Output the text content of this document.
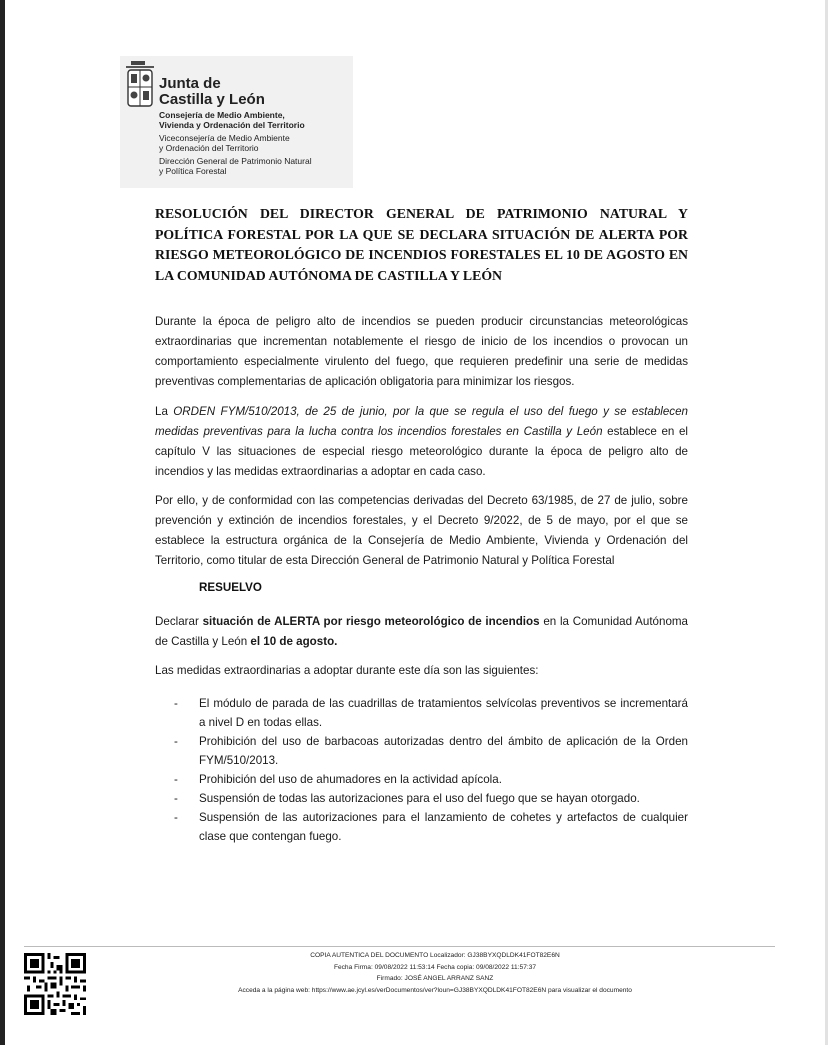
Junta de
Castilla y León
Consejería de Medio Ambiente,
Vivienda y Ordenación del Territorio
Viceconsejería de Medio Ambiente
y Ordenación del Territorio
Dirección General de Patrimonio Natural
y Política Forestal
RESOLUCIÓN DEL DIRECTOR GENERAL DE PATRIMONIO NATURAL Y POLÍTICA FORESTAL POR LA QUE SE DECLARA SITUACIÓN DE ALERTA POR RIESGO METEOROLÓGICO DE INCENDIOS FORESTALES EL 10 DE AGOSTO EN LA COMUNIDAD AUTÓNOMA DE CASTILLA Y LEÓN
Durante la época de peligro alto de incendios se pueden producir circunstancias meteorológicas extraordinarias que incrementan notablemente el riesgo de inicio de los incendios o provocan un comportamiento especialmente virulento del fuego, que requieren predefinir una serie de medidas preventivas complementarias de aplicación obligatoria para minimizar los riesgos.
La ORDEN FYM/510/2013, de 25 de junio, por la que se regula el uso del fuego y se establecen medidas preventivas para la lucha contra los incendios forestales en Castilla y León establece en el capítulo V las situaciones de especial riesgo meteorológico durante la época de peligro alto de incendios y las medidas extraordinarias a adoptar en cada caso.
Por ello, y de conformidad con las competencias derivadas del Decreto 63/1985, de 27 de julio, sobre prevención y extinción de incendios forestales, y el Decreto 9/2022, de 5 de mayo, por el que se establece la estructura orgánica de la Consejería de Medio Ambiente, Vivienda y Ordenación del Territorio, como titular de esta Dirección General de Patrimonio Natural y Política Forestal
RESUELVO
Declarar situación de ALERTA por riesgo meteorológico de incendios en la Comunidad Autónoma de Castilla y León el 10 de agosto.
Las medidas extraordinarias a adoptar durante este día son las siguientes:
- El módulo de parada de las cuadrillas de tratamientos selvícolas preventivos se incrementará a nivel D en todas ellas.
- Prohibición del uso de barbacoas autorizadas dentro del ámbito de aplicación de la Orden FYM/510/2013.
- Prohibición del uso de ahumadores en la actividad apícola.
- Suspensión de todas las autorizaciones para el uso del fuego que se hayan otorgado.
- Suspensión de las autorizaciones para el lanzamiento de cohetes y artefactos de cualquier clase que contengan fuego.
COPIA AUTENTICA DEL DOCUMENTO Localizador: GJ38BYXQDLDK41FOT82E6N
Fecha Firma: 09/08/2022 11:53:14 Fecha copia: 09/08/2022 11:57:37
Firmado: JOSÉ ANGEL ARRANZ SANZ
Acceda a la página web: https://www.ae.jcyl.es/verDocumentos/ver?loun=GJ38BYXQDLDK41FOT82E6N para visualizar el documento
